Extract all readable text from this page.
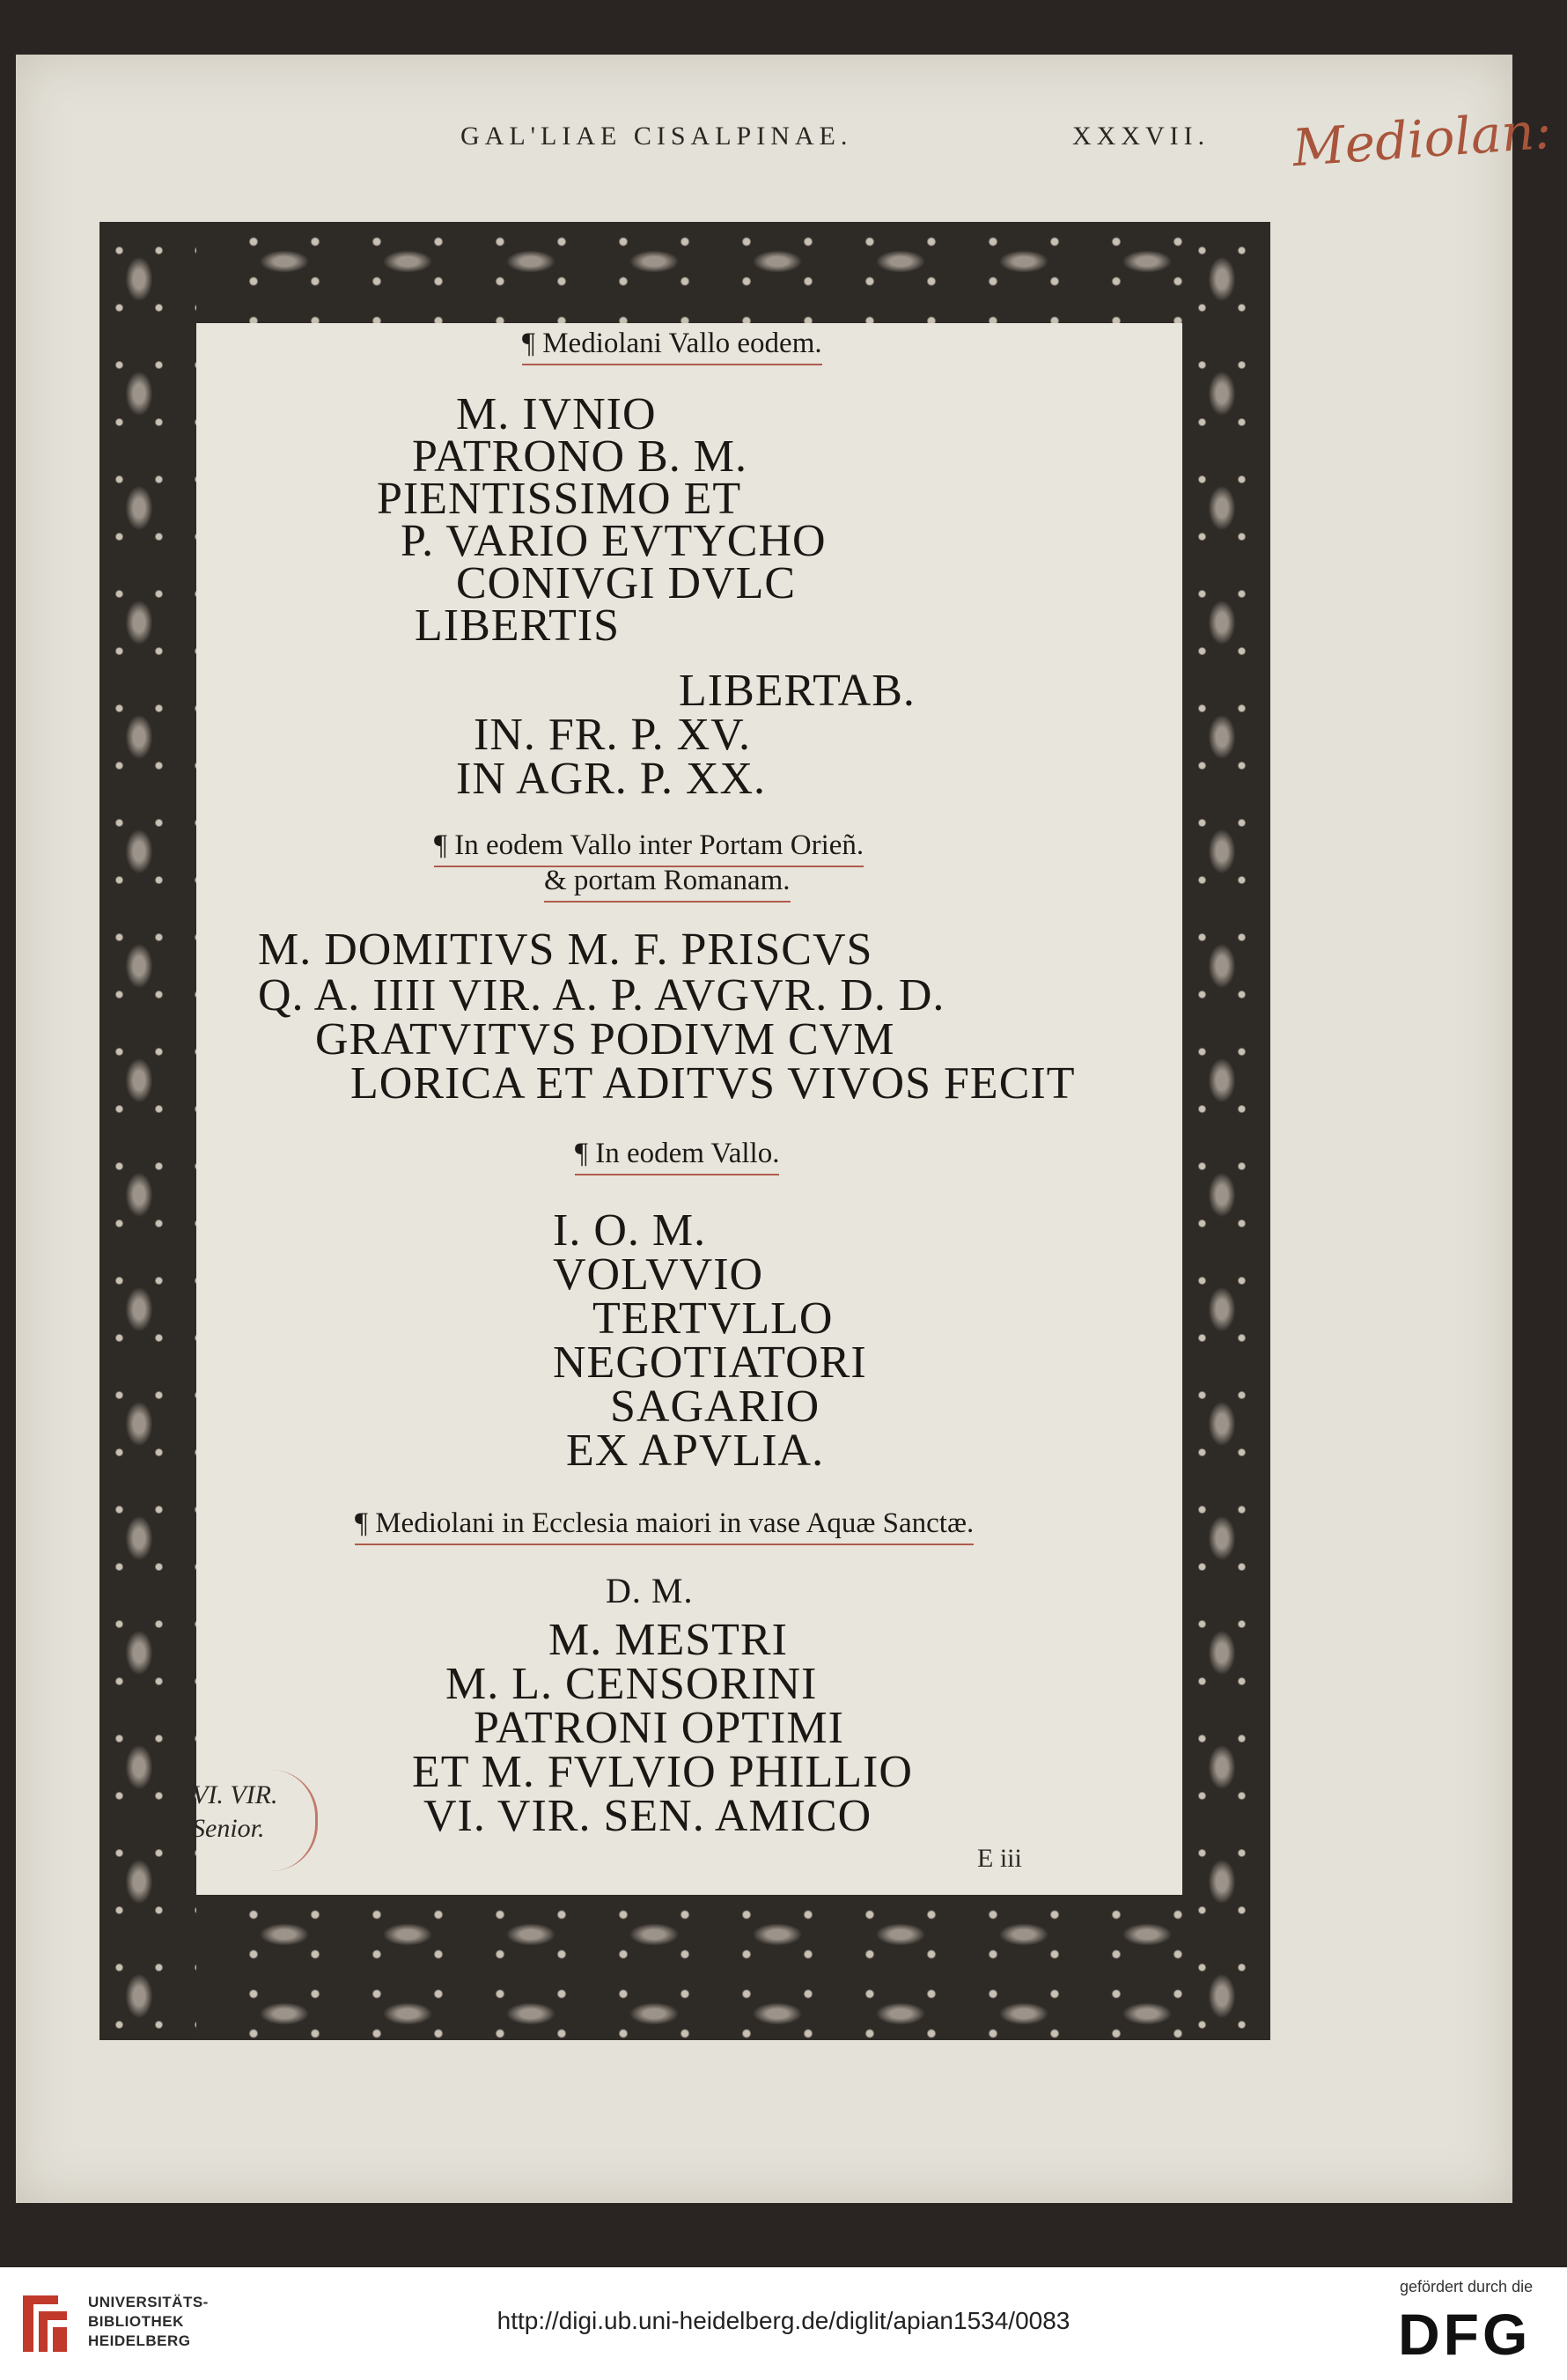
GAL'LIAE CISALPINAE.	XXXVII. Mediolan:
¶ Mediolani Vallo eodem.
M. IVNIO
PATRONO B. M.
PIENTISSIMO ET
P. VARIO EVTYCHO
CONIVGI DVLC
LIBERTIS
LIBERTAB.
IN. FR. P. XV.
IN AGR. P. XX.
¶ In eodem Vallo inter Portam Orieñ.
& portam Romanam.
M. DOMITIVS M. F. PRISCVS
Q. A. IIII VIR. A. P. AVGVR. D. D.
GRATVITVS PODIVM CVM
LORICA ET ADITVS VIVOS FECIT
¶ In eodem Vallo.
I. O. M.
VOLVVIO
TERTVLLO
NEGOTIATORI
SAGARIO
EX APVLIA.
¶ Mediolani in Ecclesia maiori in vase Aquæ Sanctæ.
D. M.
M. MESTRI
M. L. CENSORINI
PATRONI OPTIMI
ET M. FVLVIO PHILLIO
VI. VIR. SEN. AMICO
VI. VIR.
Senior.
E iii
UNIVERSITÄTS-
BIBLIOTHEK
HEIDELBERG
http://digi.ub.uni-heidelberg.de/diglit/apian1534/0083
gefördert durch die
DFG
